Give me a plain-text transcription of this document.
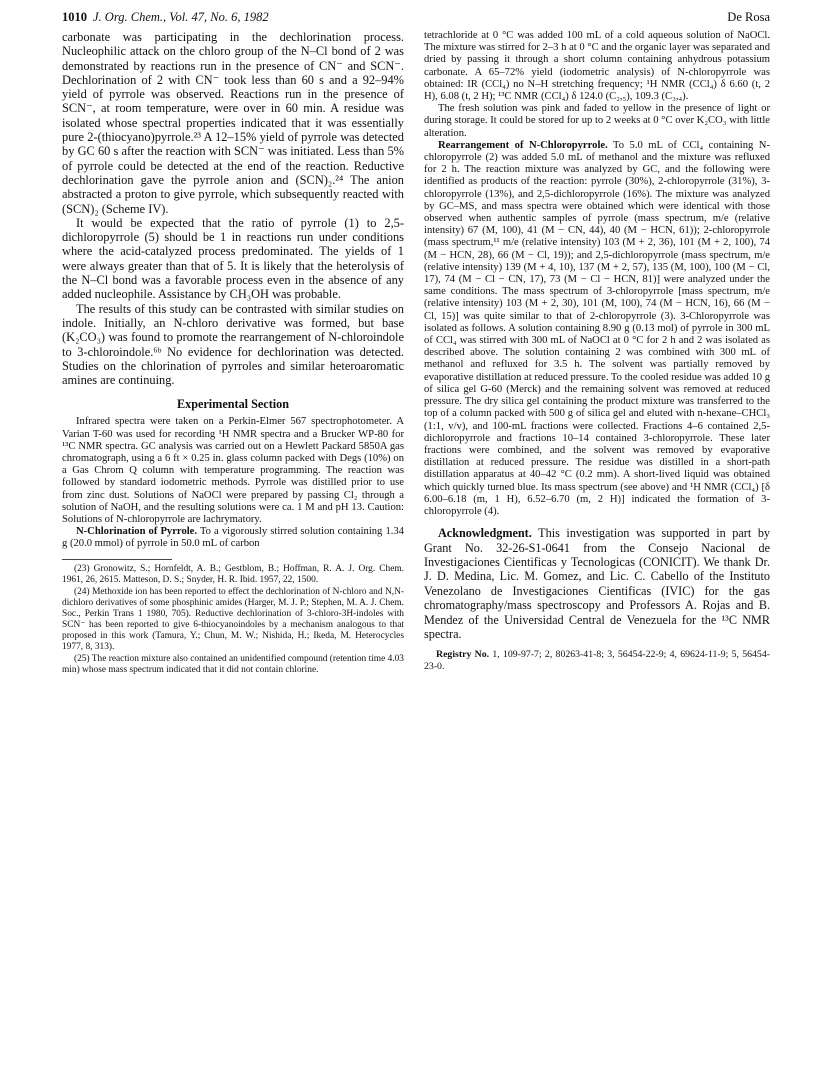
1010 J. Org. Chem., Vol. 47, No. 6, 1982	De Rosa

carbonate was participating in the dechlorination process. Nucleophilic attack on the chloro group of the N–Cl bond of 2 was demonstrated by reactions run in the presence of CN⁻ and SCN⁻. Dechlorination of 2 with CN⁻ took less than 60 s and a 92–94% yield of pyrrole was observed. Reactions run in the presence of SCN⁻, at room temperature, were over in 60 min. A residue was isolated whose spectral properties indicated that it was essentially pure 2-(thiocyano)pyrrole.²³ A 12–15% yield of pyrrole was detected by GC 60 s after the reaction with SCN⁻ was initiated. Less than 5% of pyrrole could be detected at the end of the reaction. Reductive dechlorination gave the pyrrole anion and (SCN)₂.²⁴ The anion abstracted a proton to give pyrrole, which subsequently reacted with (SCN)₂ (Scheme IV).

It would be expected that the ratio of pyrrole (1) to 2,5-dichloropyrrole (5) should be 1 in reactions run under conditions where the acid-catalyzed process predominated. The yields of 1 were always greater than that of 5. It is likely that the heterolysis of the N–Cl bond was a favorable process even in the absence of any added nucleophile. Assistance by CH₃OH was probable.

The results of this study can be contrasted with similar studies on indole. Initially, an N-chloro derivative was formed, but base (K₂CO₃) was found to promote the rearrangement of N-chloroindole to 3-chloroindole.⁶ᵇ No evidence for dechlorination was detected. Studies on the chlorination of pyrroles and similar heteroaromatic amines are continuing.

Experimental Section

Infrared spectra were taken on a Perkin-Elmer 567 spectrophotometer. A Varian T-60 was used for recording ¹H NMR spectra and a Brucker WP-80 for ¹³C NMR spectra. GC analysis was carried out on a Hewlett Packard 5850A gas chromatograph, using a 6 ft × 0.25 in. glass column packed with Degs (10%) on a Gas Chrom Q column with temperature programming. The reaction was followed by standard iodometric methods. Pyrrole was distilled prior to use from zinc dust. Solutions of NaOCl were prepared by passing Cl₂ through a solution of NaOH, and the resulting solutions were ca. 1 M and pH 13. Caution: Solutions of N-chloropyrrole are lachrymatory.

N-Chlorination of Pyrrole. To a vigorously stirred solution containing 1.34 g (20.0 mmol) of pyrrole in 50.0 mL of carbon

(23) Gronowitz, S.; Hornfeldt, A. B.; Gestblom, B.; Hoffman, R. A. J. Org. Chem. 1961, 26, 2615. Matteson, D. S.; Snyder, H. R. Ibid. 1957, 22, 1500.

(24) Methoxide ion has been reported to effect the dechlorination of N-chloro and N,N-dichloro derivatives of some phosphinic amides (Harger, M. J. P.; Stephen, M. A. J. Chem. Soc., Perkin Trans 1 1980, 705). Reductive dechlorination of 3-chloro-3H-indoles with SCN⁻ has been reported to give 6-thiocyanoindoles by a mechanism analogous to that proposed in this work (Tamura, Y.; Chun, M. W.; Nishida, H.; Ikeda, M. Heterocycles 1977, 8, 313).

(25) The reaction mixture also contained an unidentified compound (retention time 4.03 min) whose mass spectrum indicated that it did not contain chlorine.

tetrachloride at 0 °C was added 100 mL of a cold aqueous solution of NaOCl. The mixture was stirred for 2–3 h at 0 °C and the organic layer was separated and dried by passing it through a short column containing anhydrous potassium carbonate. A 65–72% yield (iodometric analysis) of N-chloropyrrole was obtained: IR (CCl₄) no N–H stretching frequency; ¹H NMR (CCl₄) δ 6.60 (t, 2 H), 6.08 (t, 2 H); ¹³C NMR (CCl₄) δ 124.0 (C₂,₅), 109.3 (C₃,₄).

The fresh solution was pink and faded to yellow in the presence of light or during storage. It could be stored for up to 2 weeks at 0 °C over K₂CO₃ with little alteration.

Rearrangement of N-Chloropyrrole. To 5.0 mL of CCl₄ containing N-chloropyrrole (2) was added 5.0 mL of methanol and the mixture was refluxed for 2 h. The reaction mixture was analyzed by GC, and the following were identified as products of the reaction: pyrrole (30%), 2-chloropyrrole (31%), 3-chloropyrrole (13%), and 2,5-dichloropyrrole (16%). The mixture was analyzed by GC–MS, and mass spectra were obtained which were identical with those observed when authentic samples of pyrrole (mass spectrum, m/e (relative intensity) 67 (M, 100), 41 (M − CN, 44), 40 (M − HCN, 61)); 2-chloropyrrole (mass spectrum,¹¹ m/e (relative intensity) 103 (M + 2, 36), 101 (M + 2, 100), 74 (M − HCN, 28), 66 (M − Cl, 19)); and 2,5-dichloropyrrole (mass spectrum, m/e (relative intensity) 139 (M + 4, 10), 137 (M + 2, 57), 135 (M, 100), 100 (M − Cl, 17), 74 (M − Cl − CN, 17), 73 (M − Cl − HCN, 81)] were analyzed under the same conditions. The mass spectrum of 3-chloropyrrole [mass spectrum, m/e (relative intensity) 103 (M + 2, 30), 101 (M, 100), 74 (M − HCN, 16), 66 (M − Cl, 15)] was quite similar to that of 2-chloropyrrole (3). 3-Chloropyrrole was isolated as follows. A solution containing 8.90 g (0.13 mol) of pyrrole in 300 mL of CCl₄ was stirred with 300 mL of NaOCl at 0 °C for 2 h and 2 was isolated as described above. The solution containing 2 was combined with 300 mL of methanol and refluxed for 3.5 h. The solvent was partially removed by evaporative distillation at reduced pressure. To the cooled residue was added 10 g of silica gel G-60 (Merck) and the remaining solvent was removed at reduced pressure. The dry silica gel containing the product mixture was transferred to the top of a column packed with 500 g of silica gel and eluted with n-hexane–CHCl₃ (1:1, v/v), and 100-mL fractions were collected. Fractions 4–6 contained 2,5-dichloropyrrole and fractions 10–14 contained 3-chloropyrrole. These later fractions were combined, and the solvent was removed by evaporative distillation at reduced pressure. The residue was distilled in a short-path distillation apparatus at 40–42 °C (0.2 mm). A short-lived liquid was obtained which quickly turned blue. Its mass spectrum (see above) and ¹H NMR (CCl₄) [δ 6.00–6.18 (m, 1 H), 6.52–6.70 (m, 2 H)] indicated the formation of 3-chloropyrrole (4).

Acknowledgment. This investigation was supported in part by Grant No. 32-26-S1-0641 from the Consejo Nacional de Investigaciones Cientificas y Tecnologicas (CONICIT). We thank Dr. J. D. Medina, Lic. M. Gomez, and Lic. C. Cabello of the Instituto Venezolano de Investigaciones Cientificas (IVIC) for the gas chromatography/mass spectroscopy and Professors A. Rojas and B. Mendez of the Universidad Central de Venezuela for the ¹³C NMR spectra.

Registry No. 1, 109-97-7; 2, 80263-41-8; 3, 56454-22-9; 4, 69624-11-9; 5, 56454-23-0.
